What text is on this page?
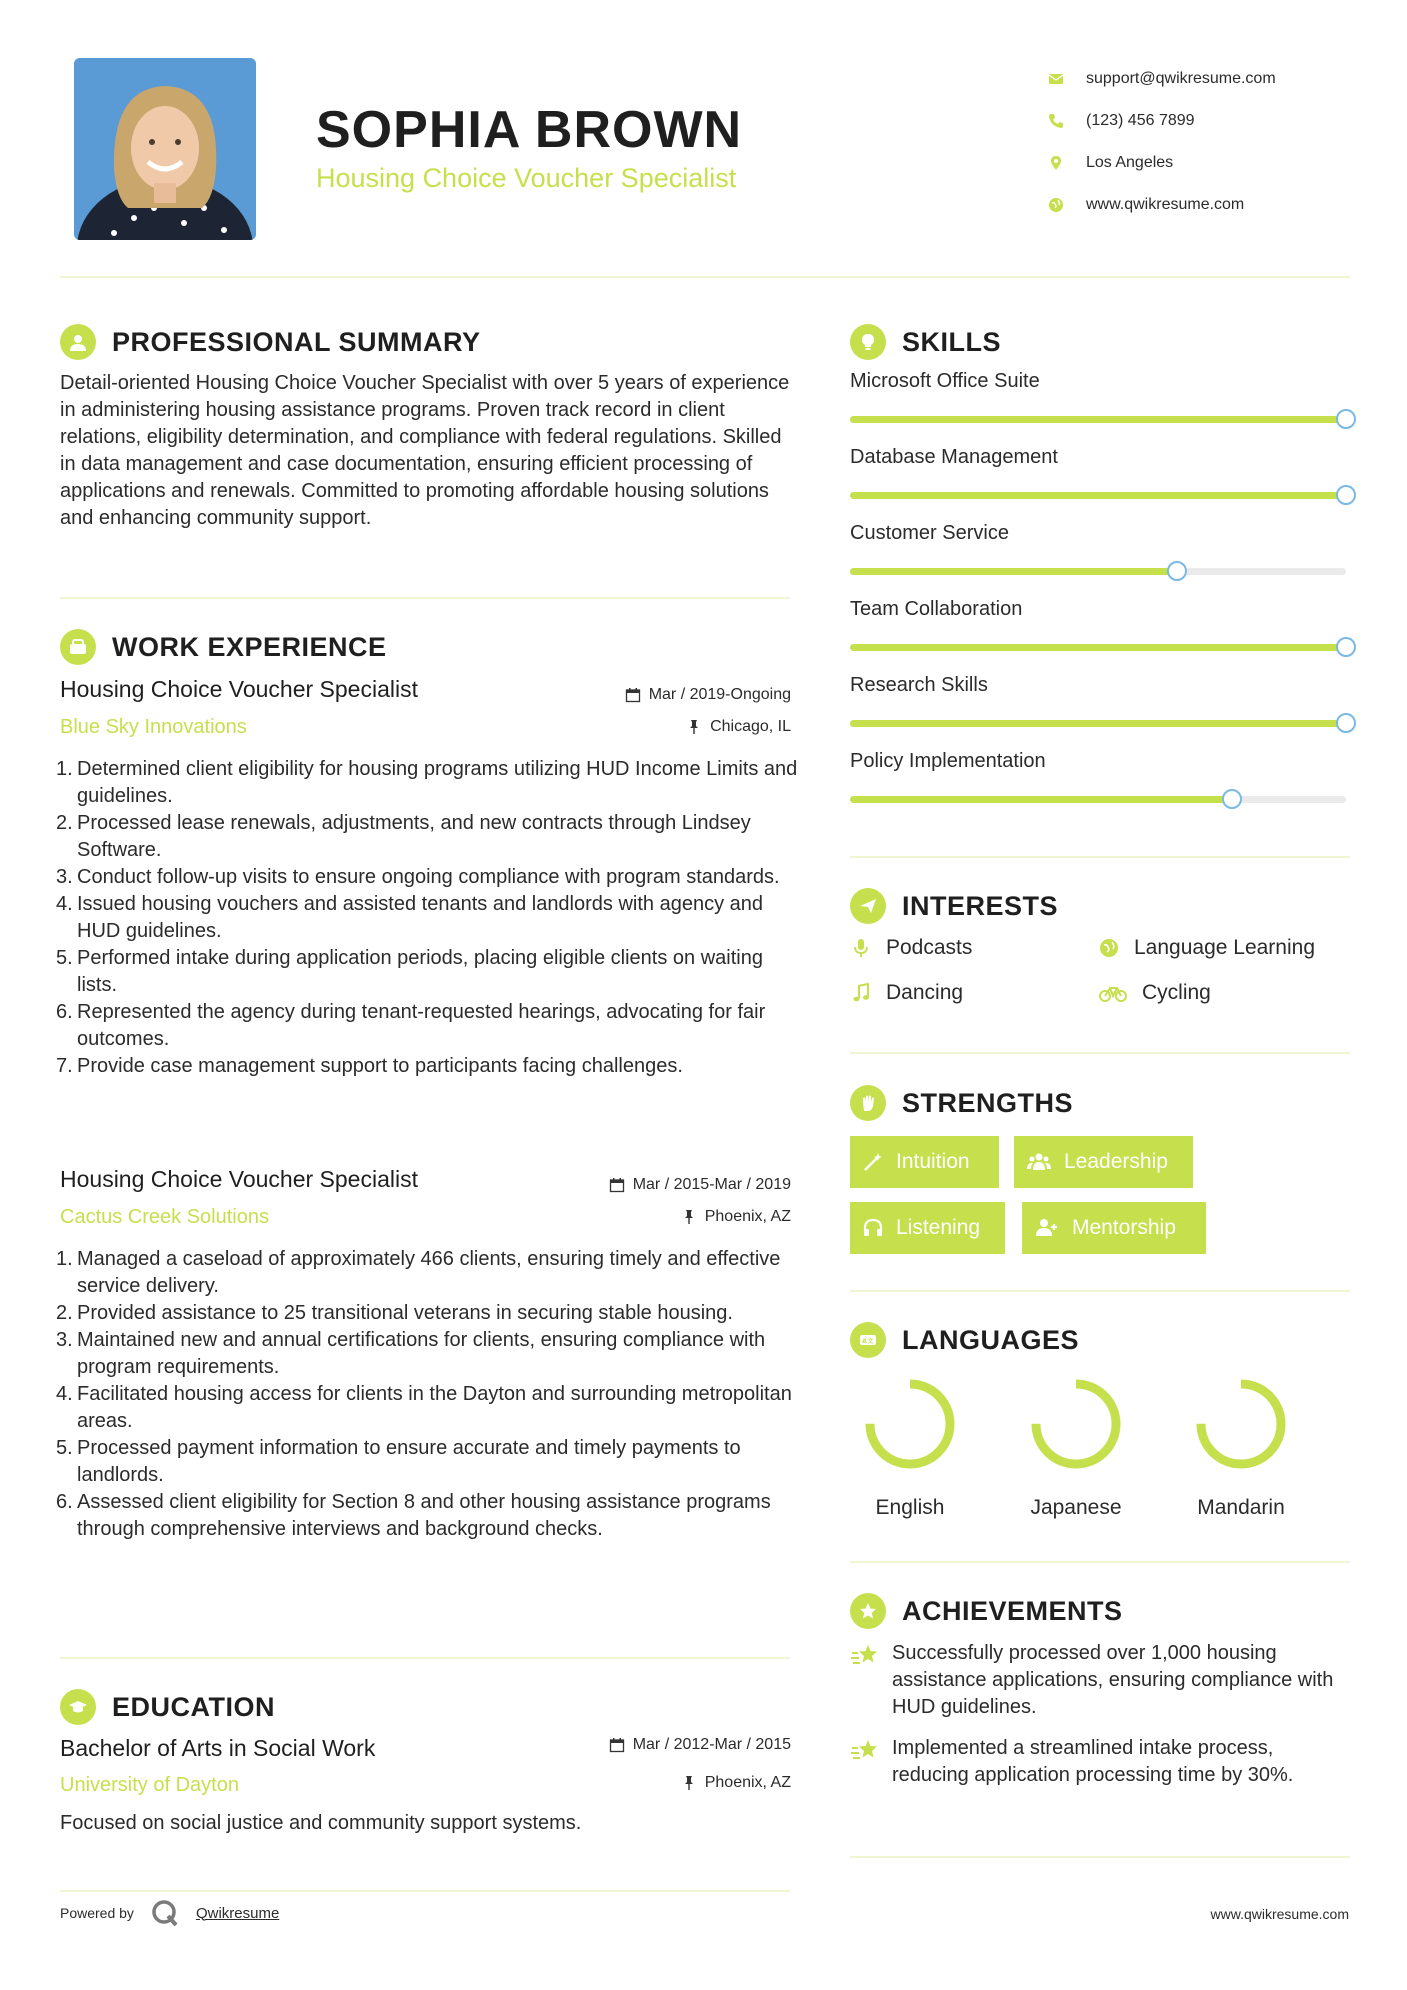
SOPHIA BROWN
Housing Choice Voucher Specialist
support@qwikresume.com
(123) 456 7899
Los Angeles
www.qwikresume.com
PROFESSIONAL SUMMARY
Detail-oriented Housing Choice Voucher Specialist with over 5 years of experience in administering housing assistance programs. Proven track record in client relations, eligibility determination, and compliance with federal regulations. Skilled in data management and case documentation, ensuring efficient processing of applications and renewals. Committed to promoting affordable housing solutions and enhancing community support.
WORK EXPERIENCE
Housing Choice Voucher Specialist	Mar / 2019-Ongoing
Blue Sky Innovations	Chicago, IL
1. Determined client eligibility for housing programs utilizing HUD Income Limits and guidelines.
2. Processed lease renewals, adjustments, and new contracts through Lindsey Software.
3. Conduct follow-up visits to ensure ongoing compliance with program standards.
4. Issued housing vouchers and assisted tenants and landlords with agency and HUD guidelines.
5. Performed intake during application periods, placing eligible clients on waiting lists.
6. Represented the agency during tenant-requested hearings, advocating for fair outcomes.
7. Provide case management support to participants facing challenges.
Housing Choice Voucher Specialist	Mar / 2015-Mar / 2019
Cactus Creek Solutions	Phoenix, AZ
1. Managed a caseload of approximately 466 clients, ensuring timely and effective service delivery.
2. Provided assistance to 25 transitional veterans in securing stable housing.
3. Maintained new and annual certifications for clients, ensuring compliance with program requirements.
4. Facilitated housing access for clients in the Dayton and surrounding metropolitan areas.
5. Processed payment information to ensure accurate and timely payments to landlords.
6. Assessed client eligibility for Section 8 and other housing assistance programs through comprehensive interviews and background checks.
EDUCATION
Bachelor of Arts in Social Work	Mar / 2012-Mar / 2015
University of Dayton	Phoenix, AZ
Focused on social justice and community support systems.
SKILLS
Microsoft Office Suite
Database Management
Customer Service
Team Collaboration
Research Skills
Policy Implementation
INTERESTS
Podcasts	Language Learning
Dancing	Cycling
STRENGTHS
Intuition	Leadership
Listening	Mentorship
A文 LANGUAGES
English	Japanese	Mandarin
ACHIEVEMENTS
Successfully processed over 1,000 housing assistance applications, ensuring compliance with HUD guidelines.
Implemented a streamlined intake process, reducing application processing time by 30%.
Powered by	Qwikresume	www.qwikresume.com
